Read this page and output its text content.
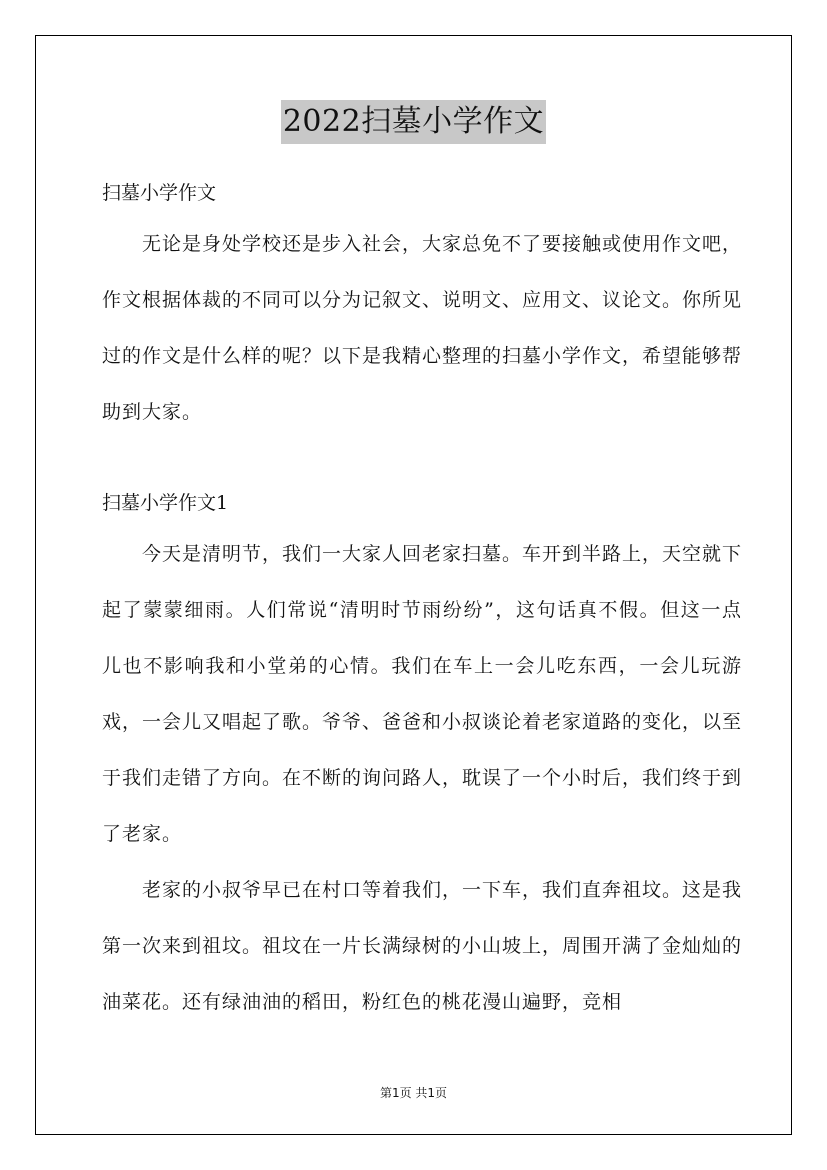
2022扫墓小学作文

扫墓小学作文

无论是身处学校还是步入社会，大家总免不了要接触或使用作文吧，作文根据体裁的不同可以分为记叙文、说明文、应用文、议论文。你所见过的作文是什么样的呢？以下是我精心整理的扫墓小学作文，希望能够帮助到大家。

扫墓小学作文1

今天是清明节，我们一大家人回老家扫墓。车开到半路上，天空就下起了蒙蒙细雨。人们常说“清明时节雨纷纷”，这句话真不假。但这一点儿也不影响我和小堂弟的心情。我们在车上一会儿吃东西，一会儿玩游戏，一会儿又唱起了歌。爷爷、爸爸和小叔谈论着老家道路的变化，以至于我们走错了方向。在不断的询问路人，耽误了一个小时后，我们终于到了老家。

老家的小叔爷早已在村口等着我们，一下车，我们直奔祖坟。这是我第一次来到祖坟。祖坟在一片长满绿树的小山坡上，周围开满了金灿灿的油菜花。还有绿油油的稻田，粉红色的桃花漫山遍野，竞相

第1页 共1页
